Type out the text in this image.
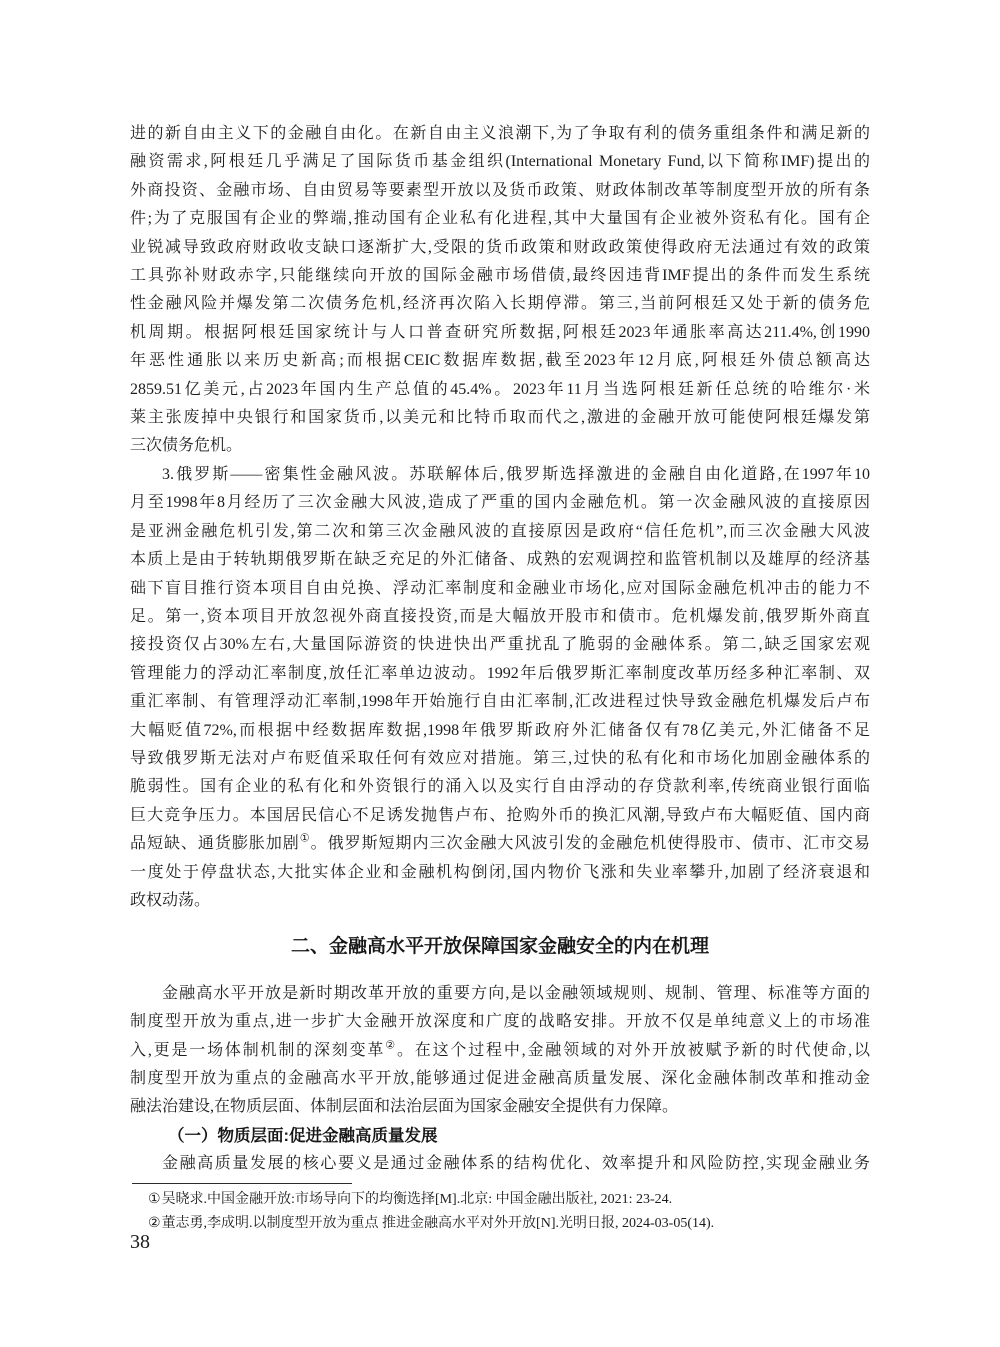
进的新自由主义下的金融自由化。在新自由主义浪潮下,为了争取有利的债务重组条件和满足新的
融资需求,阿根廷几乎满足了国际货币基金组织(International Monetary Fund,以下简称IMF)提出的
外商投资、金融市场、自由贸易等要素型开放以及货币政策、财政体制改革等制度型开放的所有条
件;为了克服国有企业的弊端,推动国有企业私有化进程,其中大量国有企业被外资私有化。国有企
业锐减导致政府财政收支缺口逐渐扩大,受限的货币政策和财政政策使得政府无法通过有效的政策
工具弥补财政赤字,只能继续向开放的国际金融市场借债,最终因违背IMF提出的条件而发生系统
性金融风险并爆发第二次债务危机,经济再次陷入长期停滞。第三,当前阿根廷又处于新的债务危
机周期。根据阿根廷国家统计与人口普查研究所数据,阿根廷2023年通胀率高达211.4%,创1990
年恶性通胀以来历史新高;而根据CEIC数据库数据,截至2023年12月底,阿根廷外债总额高达
2859.51亿美元,占2023年国内生产总值的45.4%。2023年11月当选阿根廷新任总统的哈维尔·米
莱主张废掉中央银行和国家货币,以美元和比特币取而代之,激进的金融开放可能使阿根廷爆发第
三次债务危机。
3.俄罗斯——密集性金融风波。苏联解体后,俄罗斯选择激进的金融自由化道路,在1997年10
月至1998年8月经历了三次金融大风波,造成了严重的国内金融危机。第一次金融风波的直接原因
是亚洲金融危机引发,第二次和第三次金融风波的直接原因是政府“信任危机”,而三次金融大风波
本质上是由于转轨期俄罗斯在缺乏充足的外汇储备、成熟的宏观调控和监管机制以及雄厚的经济基
础下盲目推行资本项目自由兑换、浮动汇率制度和金融业市场化,应对国际金融危机冲击的能力不
足。第一,资本项目开放忽视外商直接投资,而是大幅放开股市和债市。危机爆发前,俄罗斯外商直
接投资仅占30%左右,大量国际游资的快进快出严重扰乱了脆弱的金融体系。第二,缺乏国家宏观
管理能力的浮动汇率制度,放任汇率单边波动。1992年后俄罗斯汇率制度改革历经多种汇率制、双
重汇率制、有管理浮动汇率制,1998年开始施行自由汇率制,汇改进程过快导致金融危机爆发后卢布
大幅贬值72%,而根据中经数据库数据,1998年俄罗斯政府外汇储备仅有78亿美元,外汇储备不足
导致俄罗斯无法对卢布贬值采取任何有效应对措施。第三,过快的私有化和市场化加剧金融体系的
脆弱性。国有企业的私有化和外资银行的涌入以及实行自由浮动的存贷款利率,传统商业银行面临
巨大竞争压力。本国居民信心不足诱发抛售卢布、抢购外币的换汇风潮,导致卢布大幅贬值、国内商
品短缺、通货膨胀加剧①。俄罗斯短期内三次金融大风波引发的金融危机使得股市、债市、汇市交易
一度处于停盘状态,大批实体企业和金融机构倒闭,国内物价飞涨和失业率攀升,加剧了经济衰退和
政权动荡。
二、金融高水平开放保障国家金融安全的内在机理
金融高水平开放是新时期改革开放的重要方向,是以金融领域规则、规制、管理、标准等方面的
制度型开放为重点,进一步扩大金融开放深度和广度的战略安排。开放不仅是单纯意义上的市场准
入,更是一场体制机制的深刻变革②。在这个过程中,金融领域的对外开放被赋予新的时代使命,以
制度型开放为重点的金融高水平开放,能够通过促进金融高质量发展、深化金融体制改革和推动金
融法治建设,在物质层面、体制层面和法治层面为国家金融安全提供有力保障。
（一）物质层面:促进金融高质量发展
金融高质量发展的核心要义是通过金融体系的结构优化、效率提升和风险防控,实现金融业务

①吴晓求.中国金融开放:市场导向下的均衡选择[M].北京: 中国金融出版社, 2021: 23-24.

②董志勇,李成明.以制度型开放为重点 推进金融高水平对外开放[N].光明日报, 2024-03-05(14).

38
